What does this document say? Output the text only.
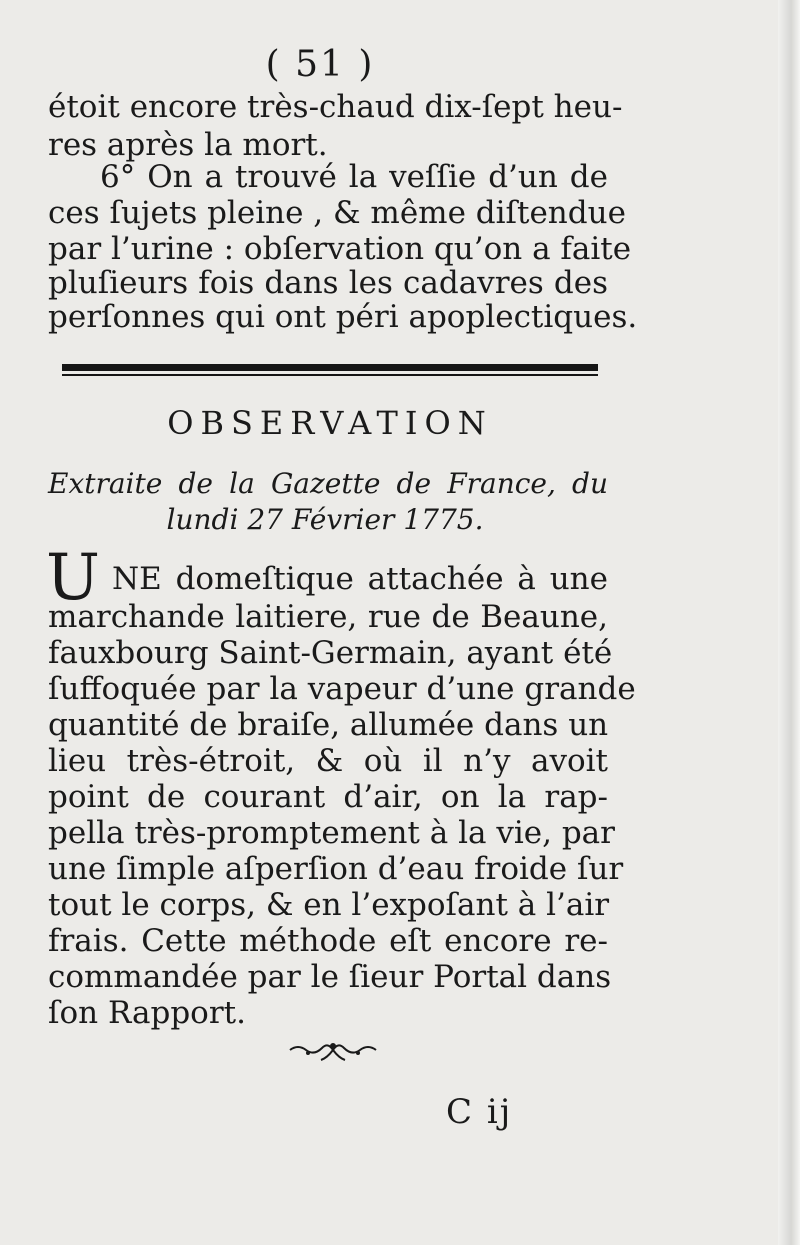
( 51 )
étoit encore très-chaud dix-ſept heu-
res après la mort.
6° On a trouvé la veſſie d’un de
ces ſujets pleine , & même diſtendue
par l’urine : obſervation qu’on a faite
pluſieurs fois dans les cadavres des
perſonnes qui ont péri apoplectiques.
OBSERVATION
Extraite de la Gazette de France, du
lundi 27 Février 1775.
U NE domeſtique attachée à une
marchande laitiere, rue de Beaune,
fauxbourg Saint-Germain, ayant été
ſuffoquée par la vapeur d’une grande
quantité de braiſe, allumée dans un
lieu très-étroit, & où il n’y avoit
point de courant d’air, on la rap-
pella très-promptement à la vie, par
une ſimple aſperſion d’eau froide ſur
tout le corps, & en l’expoſant à l’air
frais. Cette méthode eſt encore re-
commandée par le ſieur Portal dans
ſon Rapport.
C ij
